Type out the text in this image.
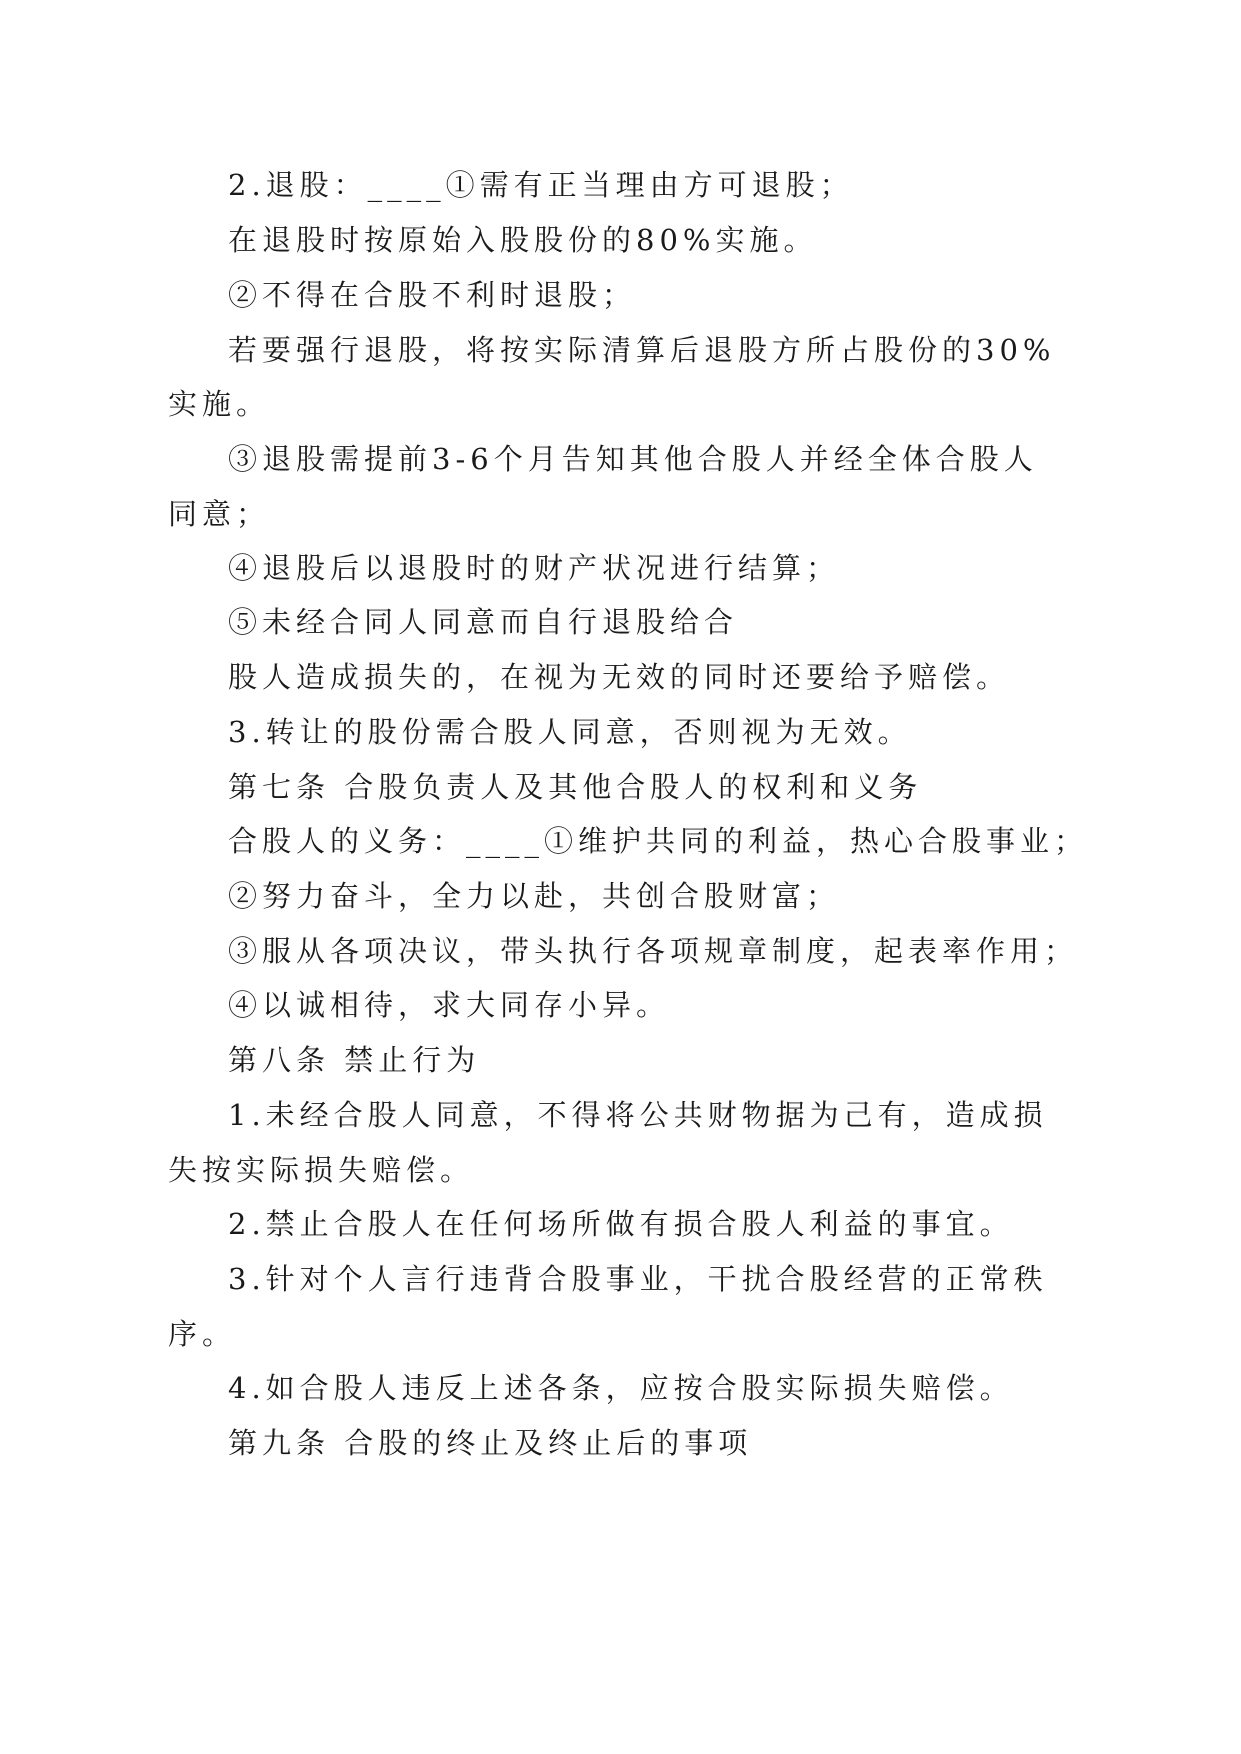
2.退股：____①需有正当理由方可退股；
在退股时按原始入股股份的80%实施。
②不得在合股不利时退股；
若要强行退股，将按实际清算后退股方所占股份的30%
实施。
③退股需提前3-6个月告知其他合股人并经全体合股人
同意；
④退股后以退股时的财产状况进行结算；
⑤未经合同人同意而自行退股给合
股人造成损失的，在视为无效的同时还要给予赔偿。
3.转让的股份需合股人同意，否则视为无效。
第七条 合股负责人及其他合股人的权利和义务
合股人的义务：____①维护共同的利益，热心合股事业；
②努力奋斗，全力以赴，共创合股财富；
③服从各项决议，带头执行各项规章制度，起表率作用；
④以诚相待，求大同存小异。
第八条 禁止行为
1.未经合股人同意，不得将公共财物据为己有，造成损
失按实际损失赔偿。
2.禁止合股人在任何场所做有损合股人利益的事宜。
3.针对个人言行违背合股事业，干扰合股经营的正常秩
序。
4.如合股人违反上述各条，应按合股实际损失赔偿。
第九条 合股的终止及终止后的事项
